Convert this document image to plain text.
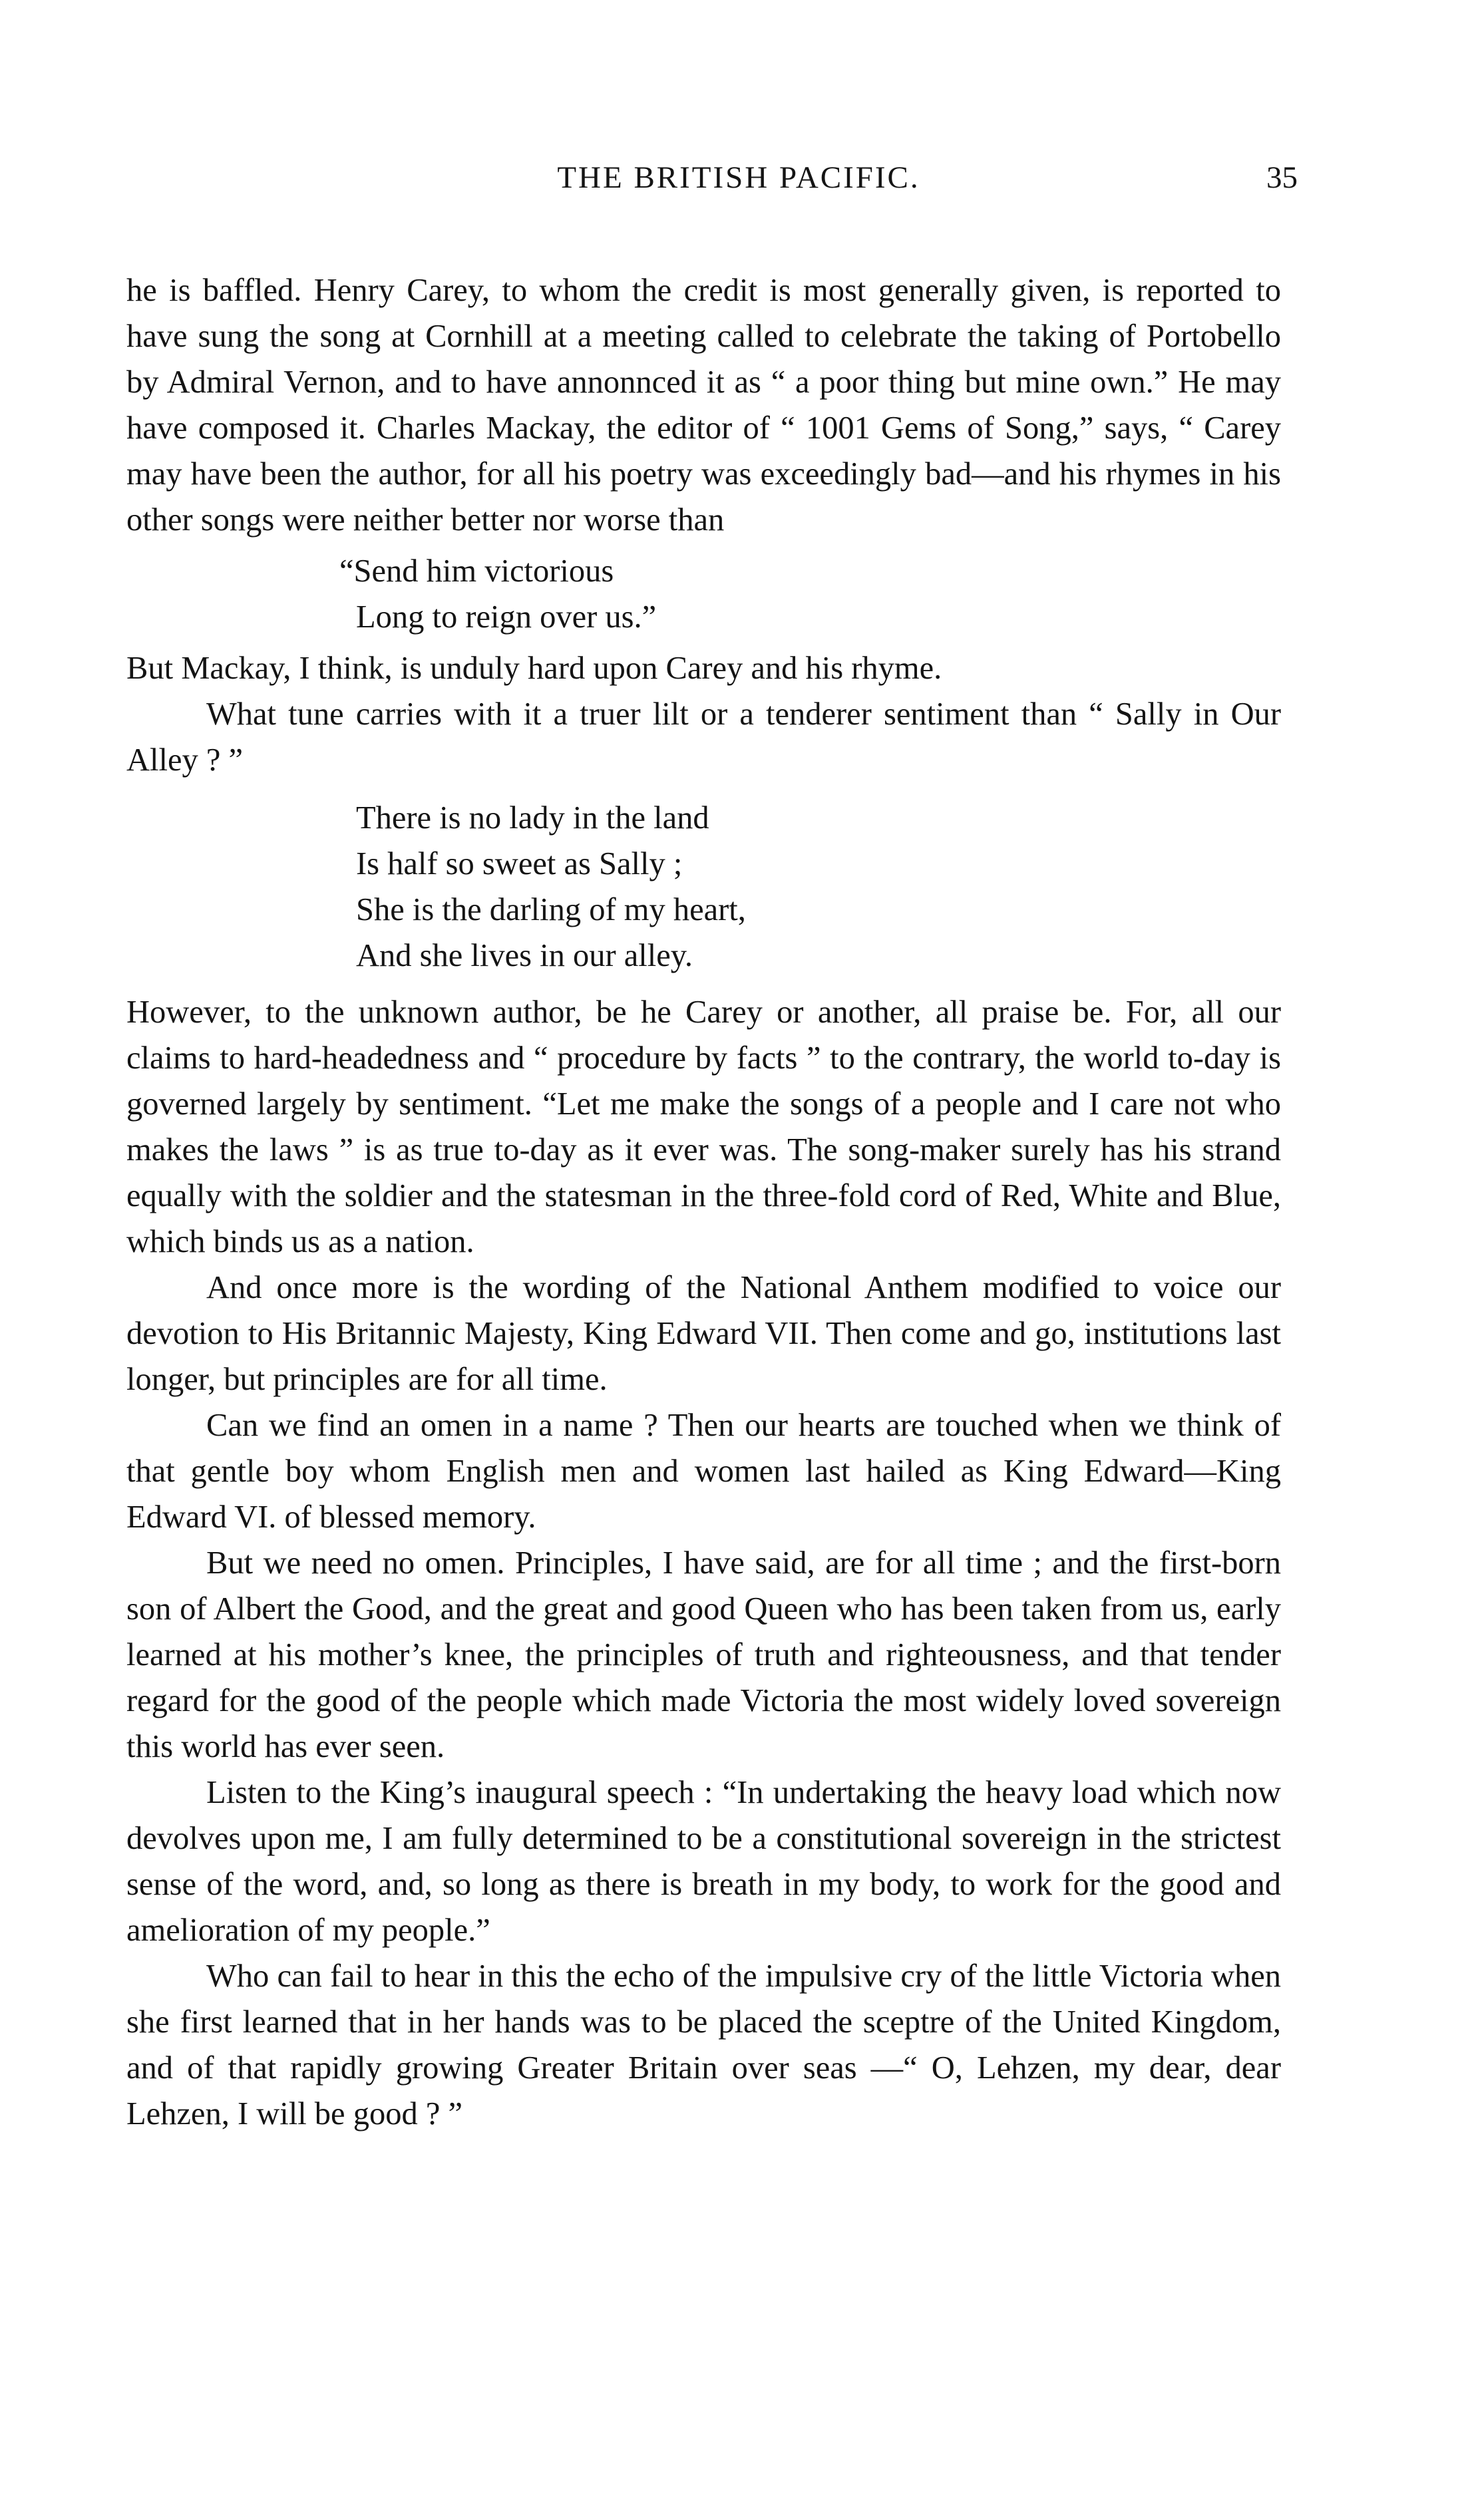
THE BRITISH PACIFIC.	35

he is baffled. Henry Carey, to whom the credit is most generally given, is reported to have sung the song at Cornhill at a meeting called to celebrate the taking of Portobello by Admiral Vernon, and to have annonnced it as “ a poor thing but mine own.” He may have composed it. Charles Mackay, the editor of “ 1001 Gems of Song,” says, “ Carey may have been the author, for all his poetry was exceedingly bad—and his rhymes in his other songs were neither better nor worse than

“Send him victorious
Long to reign over us.”

But Mackay, I think, is unduly hard upon Carey and his rhyme.

What tune carries with it a truer lilt or a tenderer sentiment than “ Sally in Our Alley ? ”

There is no lady in the land
Is half so sweet as Sally ;
She is the darling of my heart,
And she lives in our alley.

However, to the unknown author, be he Carey or another, all praise be. For, all our claims to hard-headedness and “ procedure by facts ” to the contrary, the world to-day is governed largely by sentiment. “Let me make the songs of a people and I care not who makes the laws ” is as true to-day as it ever was. The song-maker surely has his strand equally with the soldier and the statesman in the three-fold cord of Red, White and Blue, which binds us as a nation.

And once more is the wording of the National Anthem modified to voice our devotion to His Britannic Majesty, King Edward VII. Then come and go, institutions last longer, but principles are for all time.

Can we find an omen in a name ? Then our hearts are touched when we think of that gentle boy whom English men and women last hailed as King Edward—King Edward VI. of blessed memory.

But we need no omen. Principles, I have said, are for all time ; and the first-born son of Albert the Good, and the great and good Queen who has been taken from us, early learned at his mother’s knee, the principles of truth and righteousness, and that tender regard for the good of the people which made Victoria the most widely loved sovereign this world has ever seen.

Listen to the King’s inaugural speech : “In undertaking the heavy load which now devolves upon me, I am fully determined to be a constitutional sovereign in the strictest sense of the word, and, so long as there is breath in my body, to work for the good and amelioration of my people.”

Who can fail to hear in this the echo of the impulsive cry of the little Victoria when she first learned that in her hands was to be placed the sceptre of the United Kingdom, and of that rapidly growing Greater Britain over seas —“ O, Lehzen, my dear, dear Lehzen, I will be good ? ”
